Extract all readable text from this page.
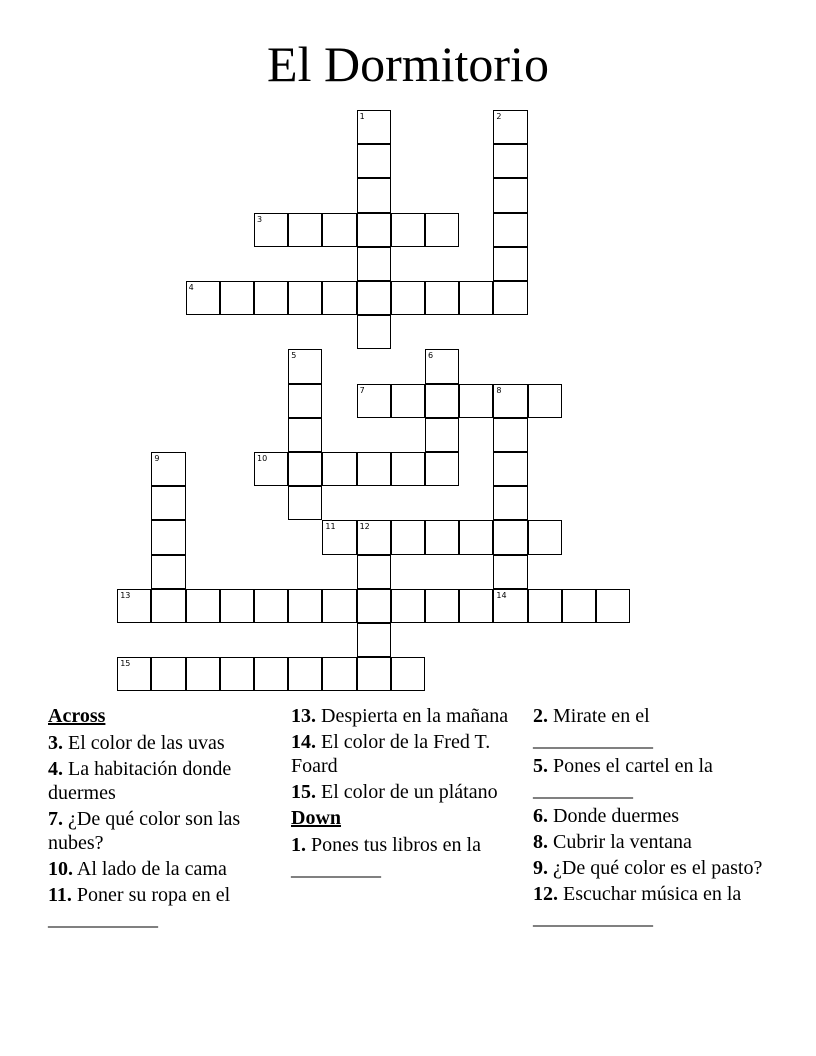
El Dormitorio
1	2
3
4
5	6
7	8
9	10
11	12
13	14
15
Across
3. El color de las uvas
4. La habitación donde duermes
7. ¿De qué color son las nubes?
10. Al lado de la cama
11. Poner su ropa en el ___________
13. Despierta en la mañana
14. El color de la Fred T. Foard
15. El color de un plátano
Down
1. Pones tus libros en la _________
2. Mirate en el ____________
5. Pones el cartel en la __________
6. Donde duermes
8. Cubrir la ventana
9. ¿De qué color es el pasto?
12. Escuchar música en la ____________
